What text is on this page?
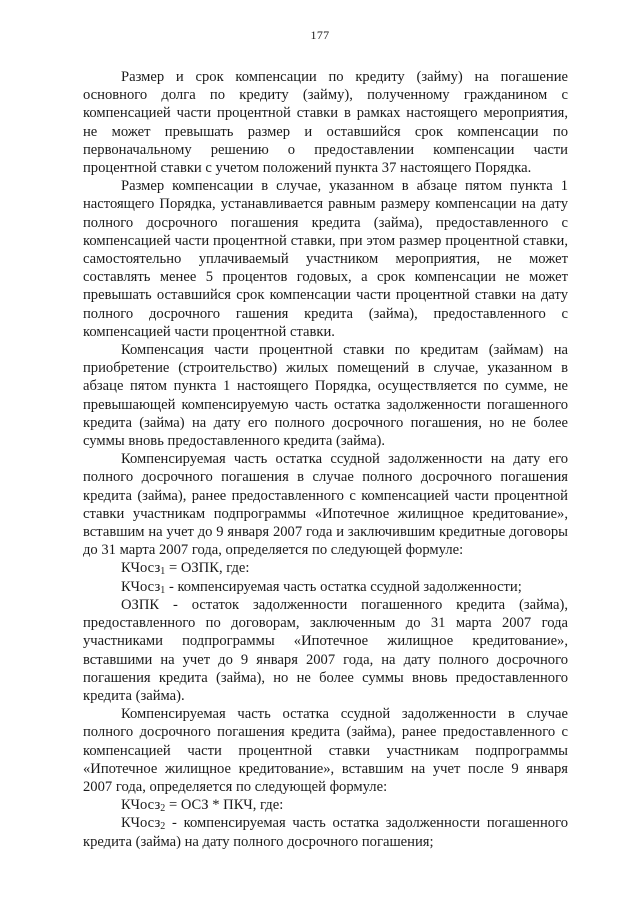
177

Размер и срок компенсации по кредиту (займу) на погашение основного долга по кредиту (займу), полученному гражданином с компенсацией части процентной ставки в рамках настоящего мероприятия, не может превышать размер и оставшийся срок компенсации по первоначальному решению о предоставлении компенсации части процентной ставки с учетом положений пункта 37 настоящего Порядка.

Размер компенсации в случае, указанном в абзаце пятом пункта 1 настоящего Порядка, устанавливается равным размеру компенсации на дату полного досрочного погашения кредита (займа), предоставленного с компенсацией части процентной ставки, при этом размер процентной ставки, самостоятельно уплачиваемый участником мероприятия, не может составлять менее 5 процентов годовых, а срок компенсации не может превышать оставшийся срок компенсации части процентной ставки на дату полного досрочного гашения кредита (займа), предоставленного с компенсацией части процентной ставки.

Компенсация части процентной ставки по кредитам (займам) на приобретение (строительство) жилых помещений в случае, указанном в абзаце пятом пункта 1 настоящего Порядка, осуществляется по сумме, не превышающей компенсируемую часть остатка задолженности погашенного кредита (займа) на дату его полного досрочного погашения, но не более суммы вновь предоставленного кредита (займа).

Компенсируемая часть остатка ссудной задолженности на дату его полного досрочного погашения в случае полного досрочного погашения кредита (займа), ранее предоставленного с компенсацией части процентной ставки участникам подпрограммы «Ипотечное жилищное кредитование», вставшим на учет до 9 января 2007 года и заключившим кредитные договоры до 31 марта 2007 года, определяется по следующей формуле:

КЧосз$_1$ = ОЗПК, где:

КЧосз$_1$ - компенсируемая часть остатка ссудной задолженности;

ОЗПК - остаток задолженности погашенного кредита (займа), предоставленного по договорам, заключенным до 31 марта 2007 года участниками подпрограммы «Ипотечное жилищное кредитование», вставшими на учет до 9 января 2007 года, на дату полного досрочного погашения кредита (займа), но не более суммы вновь предоставленного кредита (займа).

Компенсируемая часть остатка ссудной задолженности в случае полного досрочного погашения кредита (займа), ранее предоставленного с компенсацией части процентной ставки участникам подпрограммы «Ипотечное жилищное кредитование», вставшим на учет после 9 января 2007 года, определяется по следующей формуле:

КЧосз$_2$ = ОСЗ * ПКЧ, где:

КЧосз$_2$ - компенсируемая часть остатка задолженности погашенного кредита (займа) на дату полного досрочного погашения;
